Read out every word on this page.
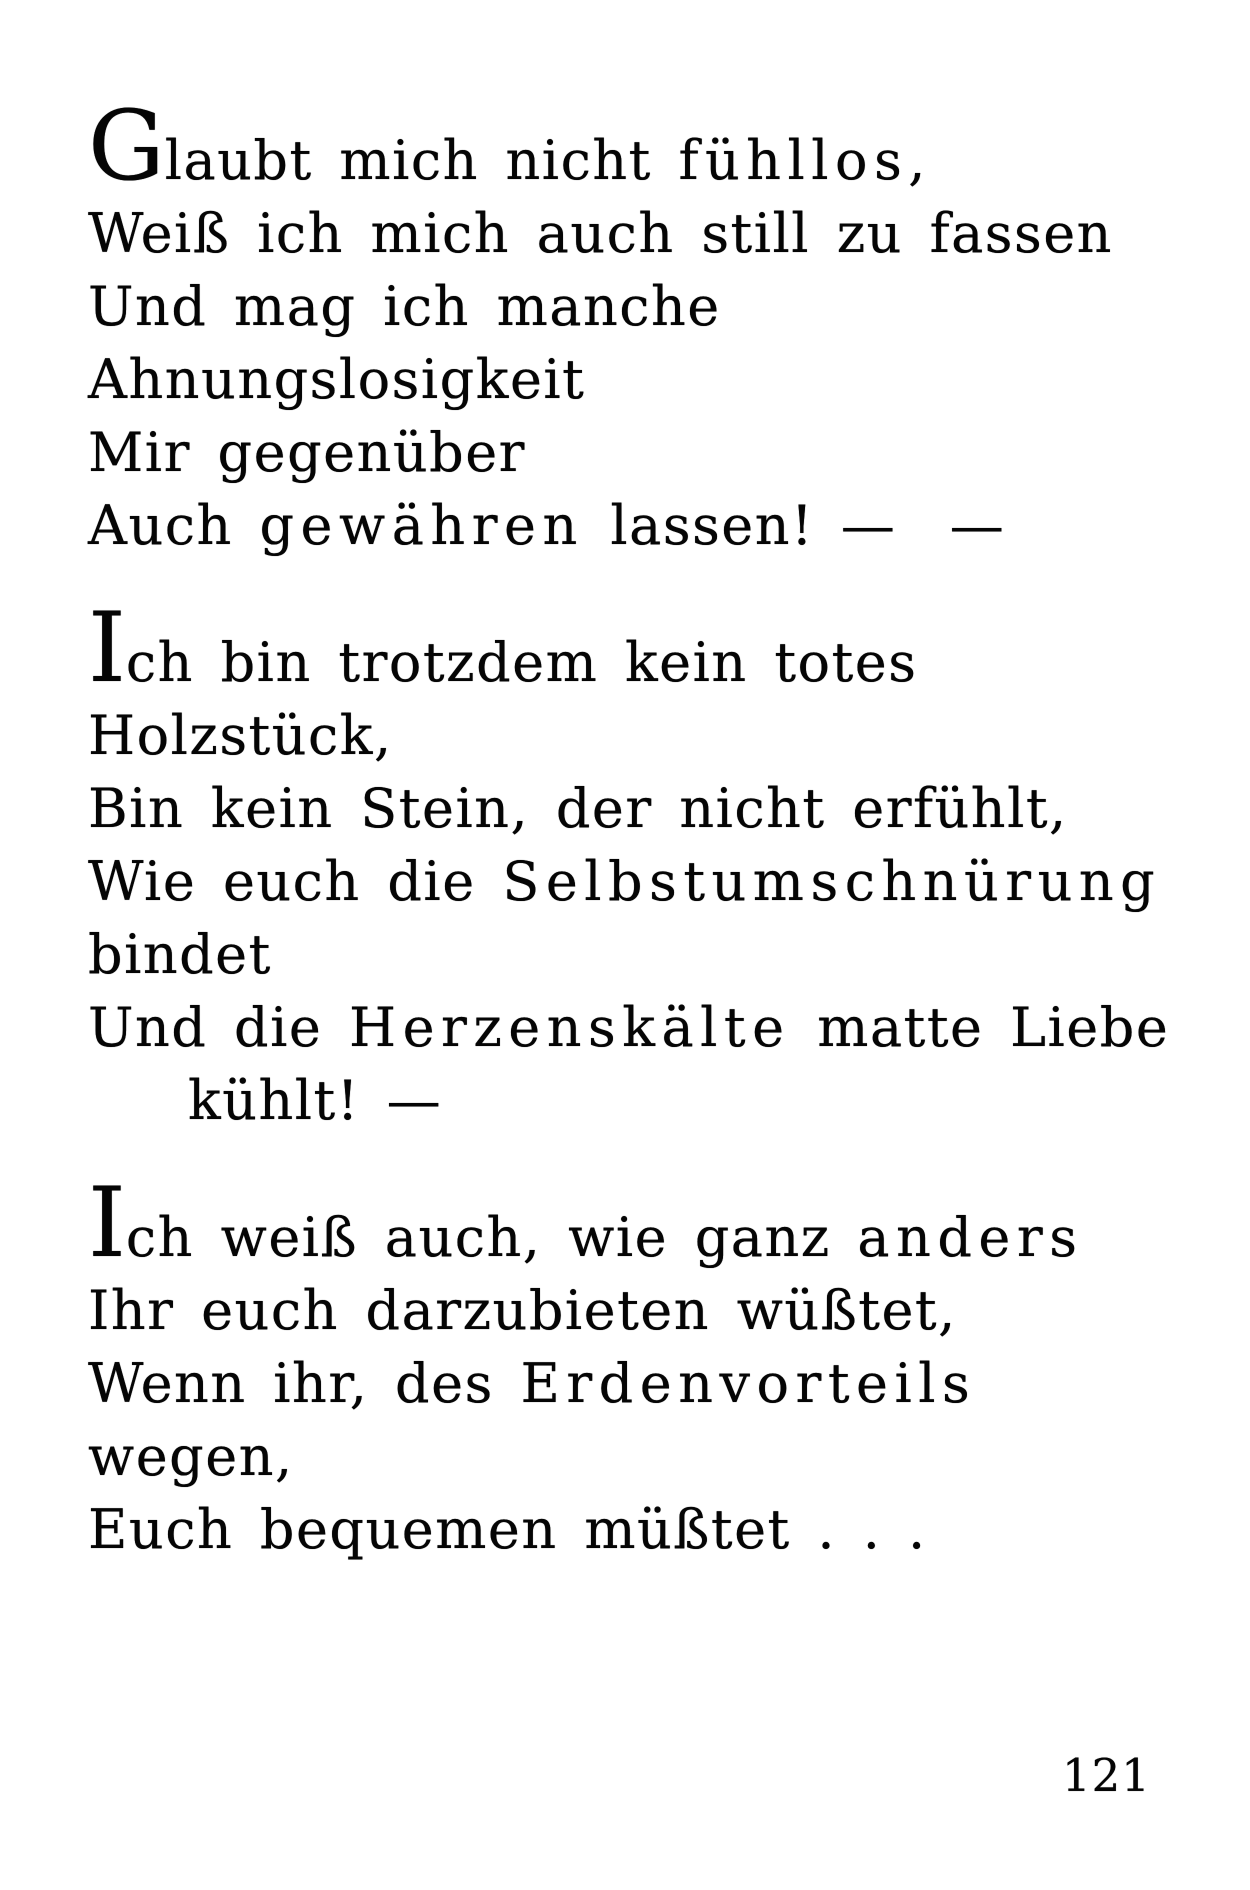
Glaubt mich nicht fühllos,
Weiß ich mich auch still zu fassen
Und mag ich manche Ahnungslosigkeit
Mir gegenüber
Auch gewähren lassen! —  —
Ich bin trotzdem kein totes Holzstück,
Bin kein Stein, der nicht erfühlt,
Wie euch die Selbstumschnürung bindet
Und die Herzenskälte matte Liebe
kühlt! —
Ich weiß auch, wie ganz anders
Ihr euch darzubieten wüßtet,
Wenn ihr, des Erdenvorteils wegen,
Euch bequemen müßtet . . .
121
